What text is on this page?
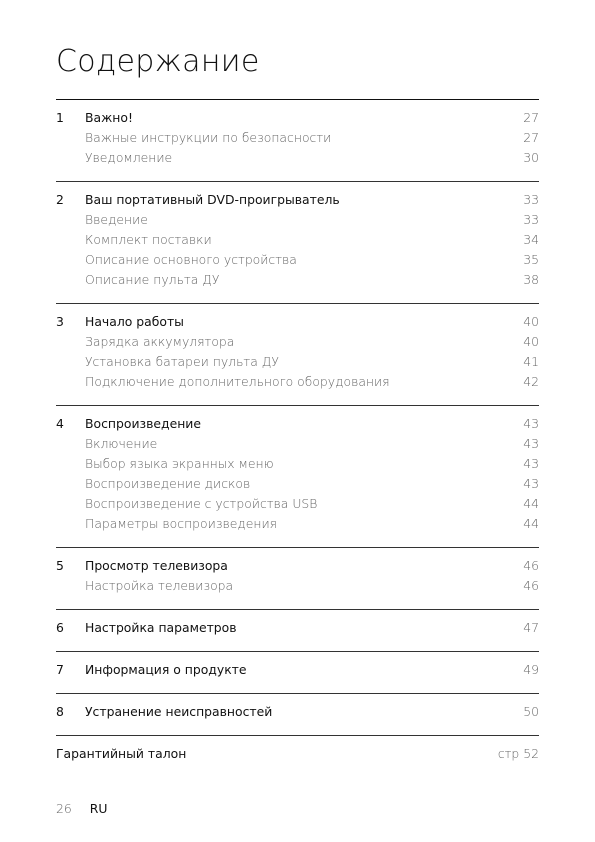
Содержание
1 Важно!	27
Важные инструкции по безопасности	27
Уведомление	30
2 Ваш портативный DVD-проигрыватель	33
Введение	33
Комплект поставки	34
Описание основного устройства	35
Описание пульта ДУ	38
3 Начало работы	40
Зарядка аккумулятора	40
Установка батареи пульта ДУ	41
Подключение дополнительного оборудования	42
4 Воспроизведение	43
Включение	43
Выбор языка экранных меню	43
Воспроизведение дисков	43
Воспроизведение с устройства USB	44
Параметры воспроизведения	44
5 Просмотр телевизора	46
Настройка телевизора	46
6 Настройка параметров	47
7 Информация о продукте	49
8 Устранение неисправностей	50
Гарантийный талон	стр 52
26 RU
